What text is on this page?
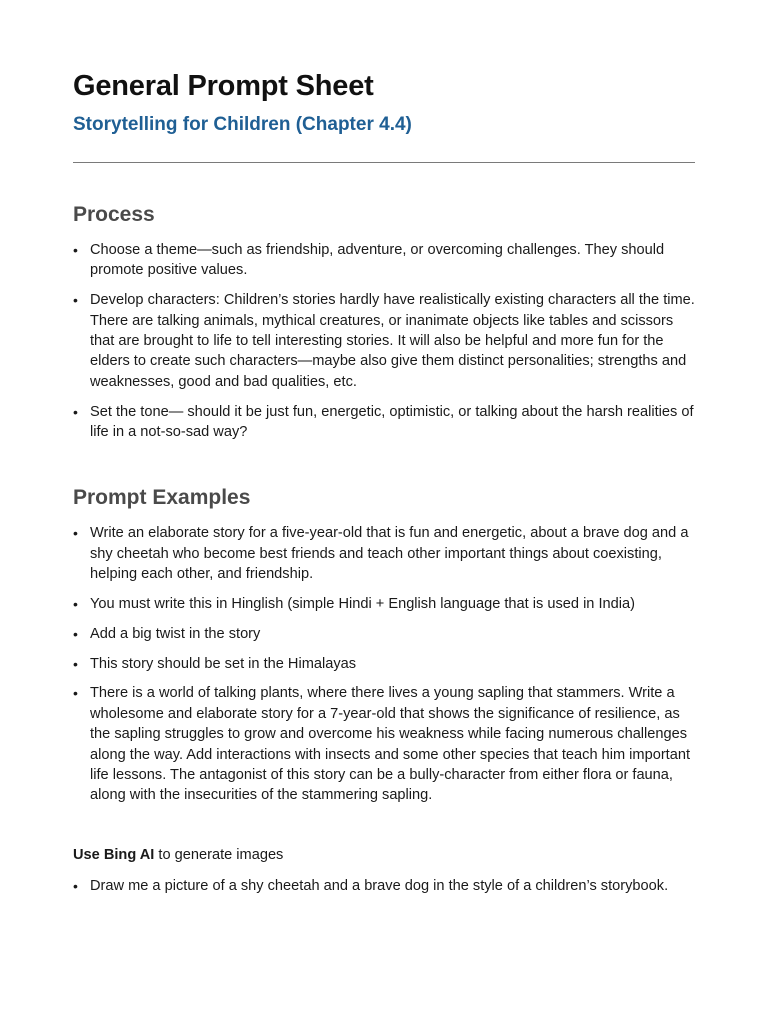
General Prompt Sheet
Storytelling for Children (Chapter 4.4)
Process
• Choose a theme—such as friendship, adventure, or overcoming challenges. They should promote positive values.
• Develop characters: Children’s stories hardly have realistically existing characters all the time. There are talking animals, mythical creatures, or inanimate objects like tables and scissors that are brought to life to tell interesting stories. It will also be helpful and more fun for the elders to create such characters—maybe also give them distinct personalities; strengths and weaknesses, good and bad qualities, etc.
• Set the tone— should it be just fun, energetic, optimistic, or talking about the harsh realities of life in a not-so-sad way?
Prompt Examples
• Write an elaborate story for a five-year-old that is fun and energetic, about a brave dog and a shy cheetah who become best friends and teach other important things about coexisting, helping each other, and friendship.
• You must write this in Hinglish (simple Hindi + English language that is used in India)
• Add a big twist in the story
• This story should be set in the Himalayas
• There is a world of talking plants, where there lives a young sapling that stammers. Write a wholesome and elaborate story for a 7-year-old that shows the significance of resilience, as the sapling struggles to grow and overcome his weakness while facing numerous challenges along the way. Add interactions with insects and some other species that teach him important life lessons. The antagonist of this story can be a bully-character from either flora or fauna, along with the insecurities of the stammering sapling.

Use Bing AI to generate images

• Draw me a picture of a shy cheetah and a brave dog in the style of a children’s storybook.
